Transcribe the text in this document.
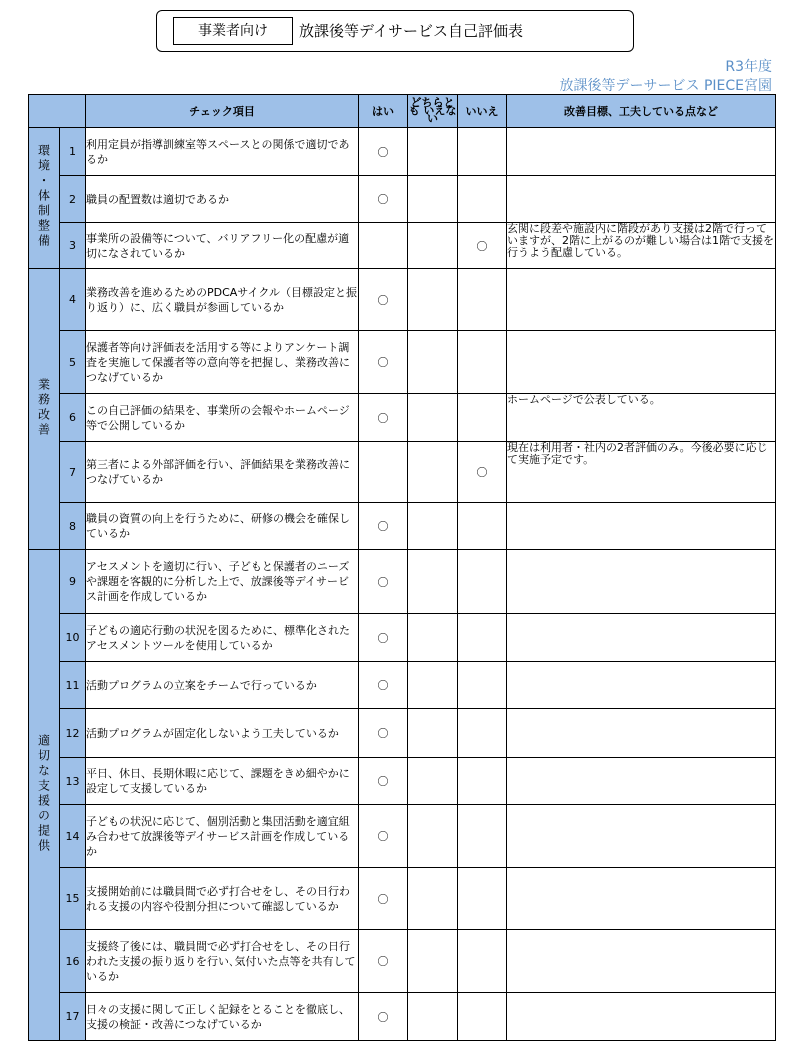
事業者向け	放課後等デイサービス自己評価表
R3年度
放課後等デーサービス PIECE宮園
		チェック項目	はい	どちらとも いえない	いいえ	改善目標、工夫している点など
環境・体制整備	1	利用定員が指導訓練室等スペースとの関係で適切であるか	〇			
	2	職員の配置数は適切であるか	〇			
	3	事業所の設備等について、バリアフリー化の配慮が適切になされているか			〇	玄関に段差や施設内に階段があり支援は2階で行っていますが、2階に上がるのが難しい場合は1階で支援を行うよう配慮している。
業務改善	4	業務改善を進めるためのPDCAサイクル（目標設定と振り返り）に、広く職員が参画しているか	〇			
	5	保護者等向け評価表を活用する等によりアンケート調査を実施して保護者等の意向等を把握し、業務改善につなげているか	〇			
	6	この自己評価の結果を、事業所の会報やホームページ等で公開しているか	〇			ホームページで公表している。
	7	第三者による外部評価を行い、評価結果を業務改善につなげているか			〇	現在は利用者・社内の2者評価のみ。今後必要に応じて実施予定です。
	8	職員の資質の向上を行うために、研修の機会を確保しているか	〇			
適切な支援の提供	9	アセスメントを適切に行い、子どもと保護者のニーズや課題を客観的に分析した上で、放課後等デイサービス計画を作成しているか	〇			
	10	子どもの適応行動の状況を図るために、標準化されたアセスメントツールを使用しているか	〇			
	11	活動プログラムの立案をチームで行っているか	〇			
	12	活動プログラムが固定化しないよう工夫しているか	〇			
	13	平日、休日、長期休暇に応じて、課題をきめ細やかに設定して支援しているか	〇			
	14	子どもの状況に応じて、個別活動と集団活動を適宜組み合わせて放課後等デイサービス計画を作成しているか	〇			
	15	支援開始前には職員間で必ず打合せをし、その日行われる支援の内容や役割分担について確認しているか	〇			
	16	支援終了後には、職員間で必ず打合せをし、その日行われた支援の振り返りを行い､気付いた点等を共有しているか	〇			
	17	日々の支援に関して正しく記録をとることを徹底し、支援の検証・改善につなげているか	〇			
